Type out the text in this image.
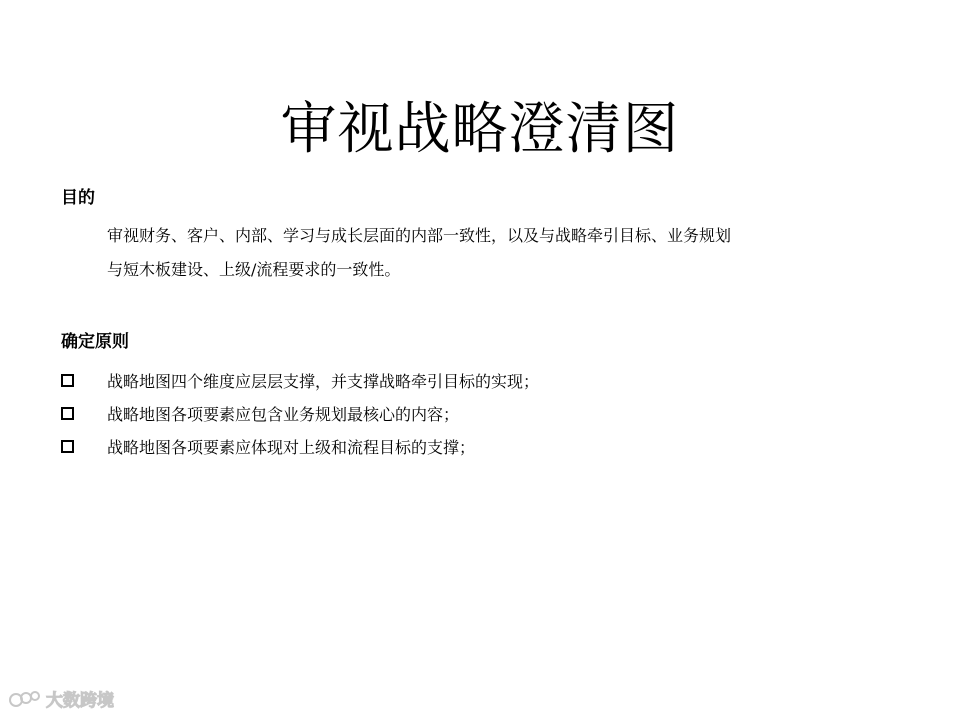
审视战略澄清图
目的
审视财务、客户、内部、学习与成长层面的内部一致性，以及与战略牵引目标、业务规划
与短木板建设、上级/流程要求的一致性。
确定原则
战略地图四个维度应层层支撑，并支撑战略牵引目标的实现；
战略地图各项要素应包含业务规划最核心的内容；
战略地图各项要素应体现对上级和流程目标的支撑；
大数跨境
